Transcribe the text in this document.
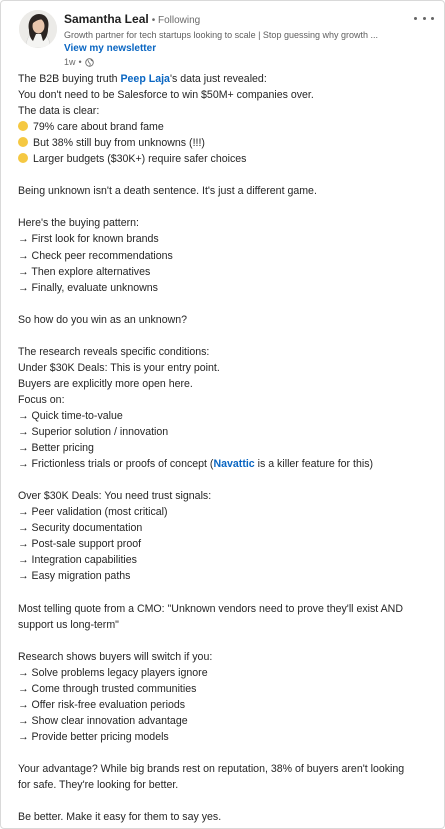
Samantha Leal • Following
Growth partner for tech startups looking to scale | Stop guessing why growth ...
View my newsletter
1w •
The B2B buying truth Peep Laja's data just revealed:
You don't need to be Salesforce to win $50M+ companies over.
The data is clear:
79% care about brand fame
But 38% still buy from unknowns (!!!)
Larger budgets ($30K+) require safer choices
Being unknown isn't a death sentence. It's just a different game.
Here's the buying pattern:
→ First look for known brands
→ Check peer recommendations
→ Then explore alternatives
→ Finally, evaluate unknowns
So how do you win as an unknown?
The research reveals specific conditions:
Under $30K Deals: This is your entry point.
Buyers are explicitly more open here.
Focus on:
→ Quick time-to-value
→ Superior solution / innovation
→ Better pricing
→ Frictionless trials or proofs of concept (Navattic is a killer feature for this)
Over $30K Deals: You need trust signals:
→ Peer validation (most critical)
→ Security documentation
→ Post-sale support proof
→ Integration capabilities
→ Easy migration paths
Most telling quote from a CMO: "Unknown vendors need to prove they'll exist AND
support us long-term"
Research shows buyers will switch if you:
→ Solve problems legacy players ignore
→ Come through trusted communities
→ Offer risk-free evaluation periods
→ Show clear innovation advantage
→ Provide better pricing models
Your advantage? While big brands rest on reputation, 38% of buyers aren't looking
for safe. They're looking for better.
Be better. Make it easy for them to say yes.
